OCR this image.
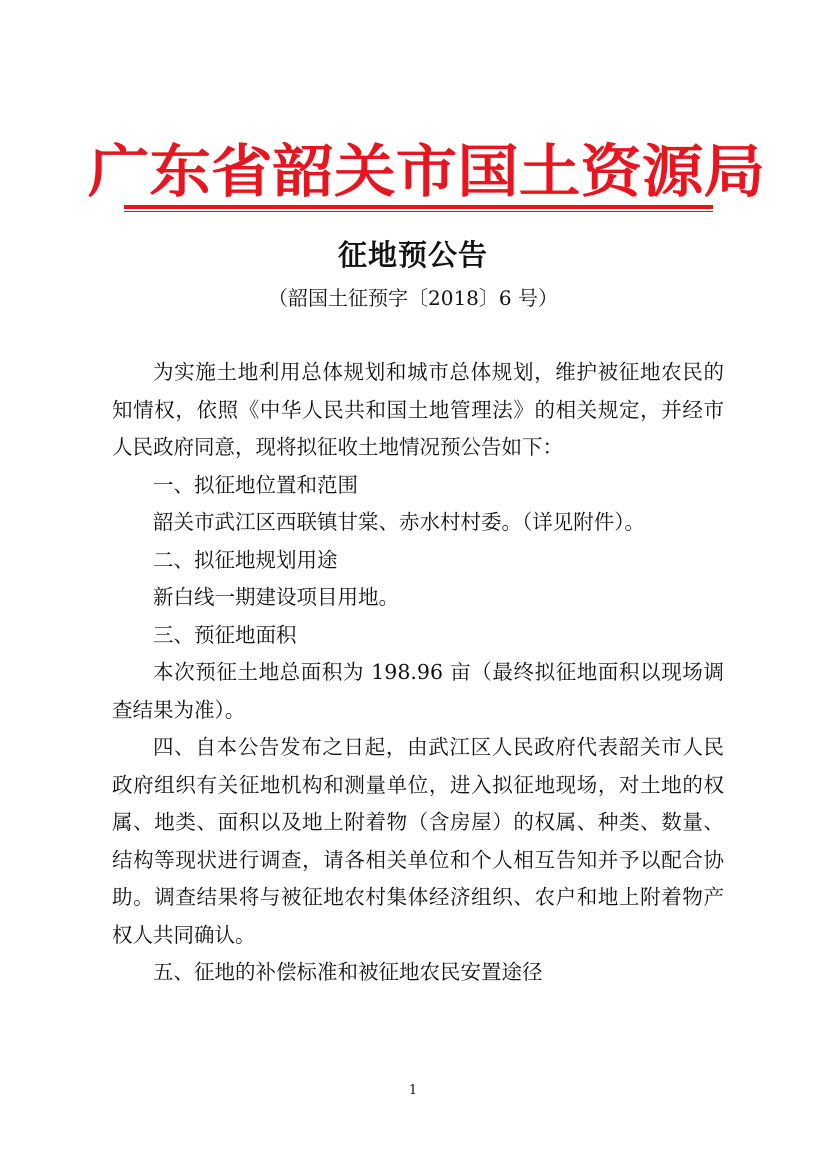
广东省韶关市国土资源局
征地预公告
（韶国土征预字〔2018〕6 号）

为实施土地利用总体规划和城市总体规划，维护被征地农民的知情权，依照《中华人民共和国土地管理法》的相关规定，并经市人民政府同意，现将拟征收土地情况预公告如下：

一、拟征地位置和范围

韶关市武江区西联镇甘棠、赤水村村委。（详见附件）。

二、拟征地规划用途

新白线一期建设项目用地。

三、预征地面积

本次预征土地总面积为 198.96 亩（最终拟征地面积以现场调查结果为准）。

四、自本公告发布之日起，由武江区人民政府代表韶关市人民政府组织有关征地机构和测量单位，进入拟征地现场，对土地的权属、地类、面积以及地上附着物（含房屋）的权属、种类、数量、结构等现状进行调查，请各相关单位和个人相互告知并予以配合协助。调查结果将与被征地农村集体经济组织、农户和地上附着物产权人共同确认。

五、征地的补偿标准和被征地农民安置途径

1
